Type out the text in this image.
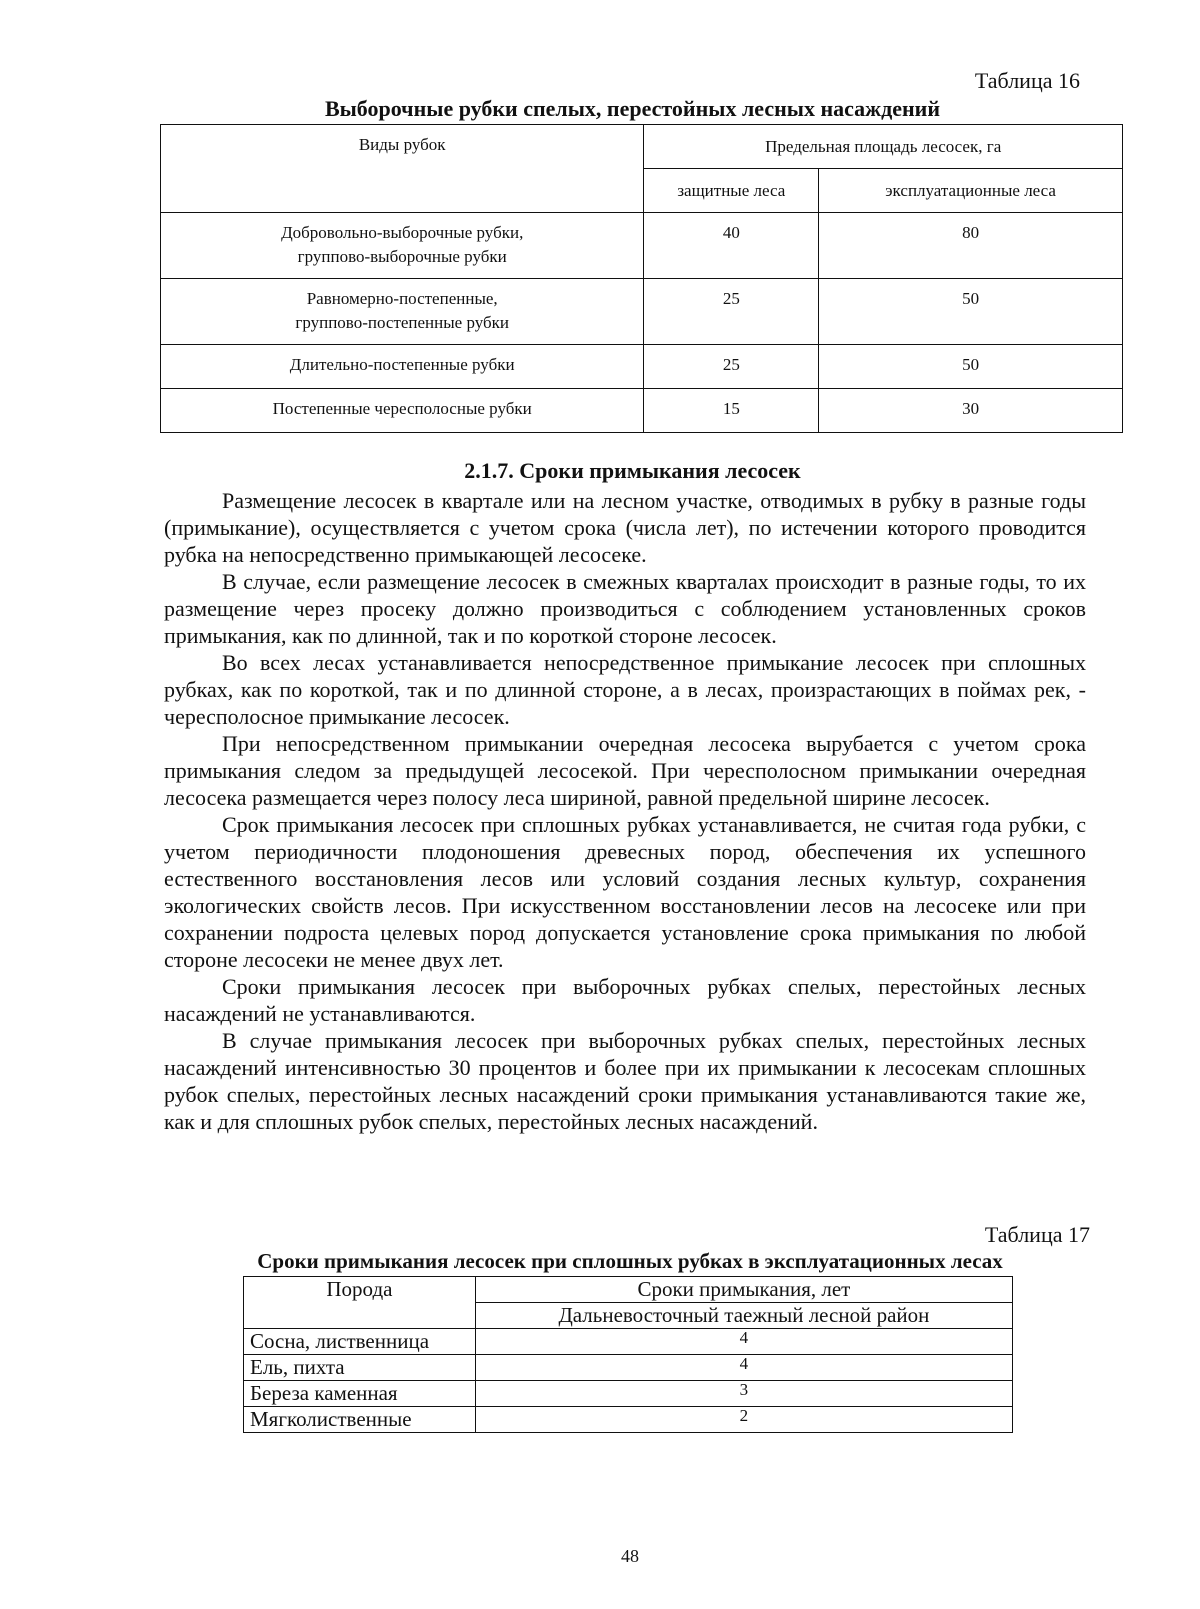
Таблица 16
Выборочные рубки спелых, перестойных лесных насаждений
Виды рубок	Предельная площадь лесосек, га	
	защитные леса	эксплуатационные леса
Добровольно-выборочные рубки,
группово-выборочные рубки	40	80
Равномерно-постепенные,
группово-постепенные рубки	25	50
Длительно-постепенные рубки	25	50
Постепенные чересполосные рубки	15	30
2.1.7. Сроки примыкания лесосек

Размещение лесосек в квартале или на лесном участке, отводимых в рубку в разные годы (примыкание), осуществляется с учетом срока (числа лет), по истечении которого проводится рубка на непосредственно примыкающей лесосеке.

В случае, если размещение лесосек в смежных кварталах происходит в разные годы, то их размещение через просеку должно производиться с соблюдением установленных сроков примыкания, как по длинной, так и по короткой стороне лесосек.

Во всех лесах устанавливается непосредственное примыкание лесосек при сплошных рубках, как по короткой, так и по длинной стороне, а в лесах, произрастающих в поймах рек, - чересполосное примыкание лесосек.

При непосредственном примыкании очередная лесосека вырубается с учетом срока примыкания следом за предыдущей лесосекой. При чересполосном примыкании очередная лесосека размещается через полосу леса шириной, равной предельной ширине лесосек.

Срок примыкания лесосек при сплошных рубках устанавливается, не считая года рубки, с учетом периодичности плодоношения древесных пород, обеспечения их успешного естественного восстановления лесов или условий создания лесных культур, сохранения экологических свойств лесов. При искусственном восстановлении лесов на лесосеке или при сохранении подроста целевых пород допускается установление срока примыкания по любой стороне лесосеки не менее двух лет.

Сроки примыкания лесосек при выборочных рубках спелых, перестойных лесных насаждений не устанавливаются.

В случае примыкания лесосек при выборочных рубках спелых, перестойных лесных насаждений интенсивностью 30 процентов и более при их примыкании к лесосекам сплошных рубок спелых, перестойных лесных насаждений сроки примыкания устанавливаются такие же, как и для сплошных рубок спелых, перестойных лесных насаждений.

Таблица 17
Сроки примыкания лесосек при сплошных рубках в эксплуатационных лесах
Порода	Сроки примыкания, лет
	Дальневосточный таежный лесной район
Сосна, лиственница	4
Ель, пихта	4
Береза каменная	3
Мягколиственные	2
48
